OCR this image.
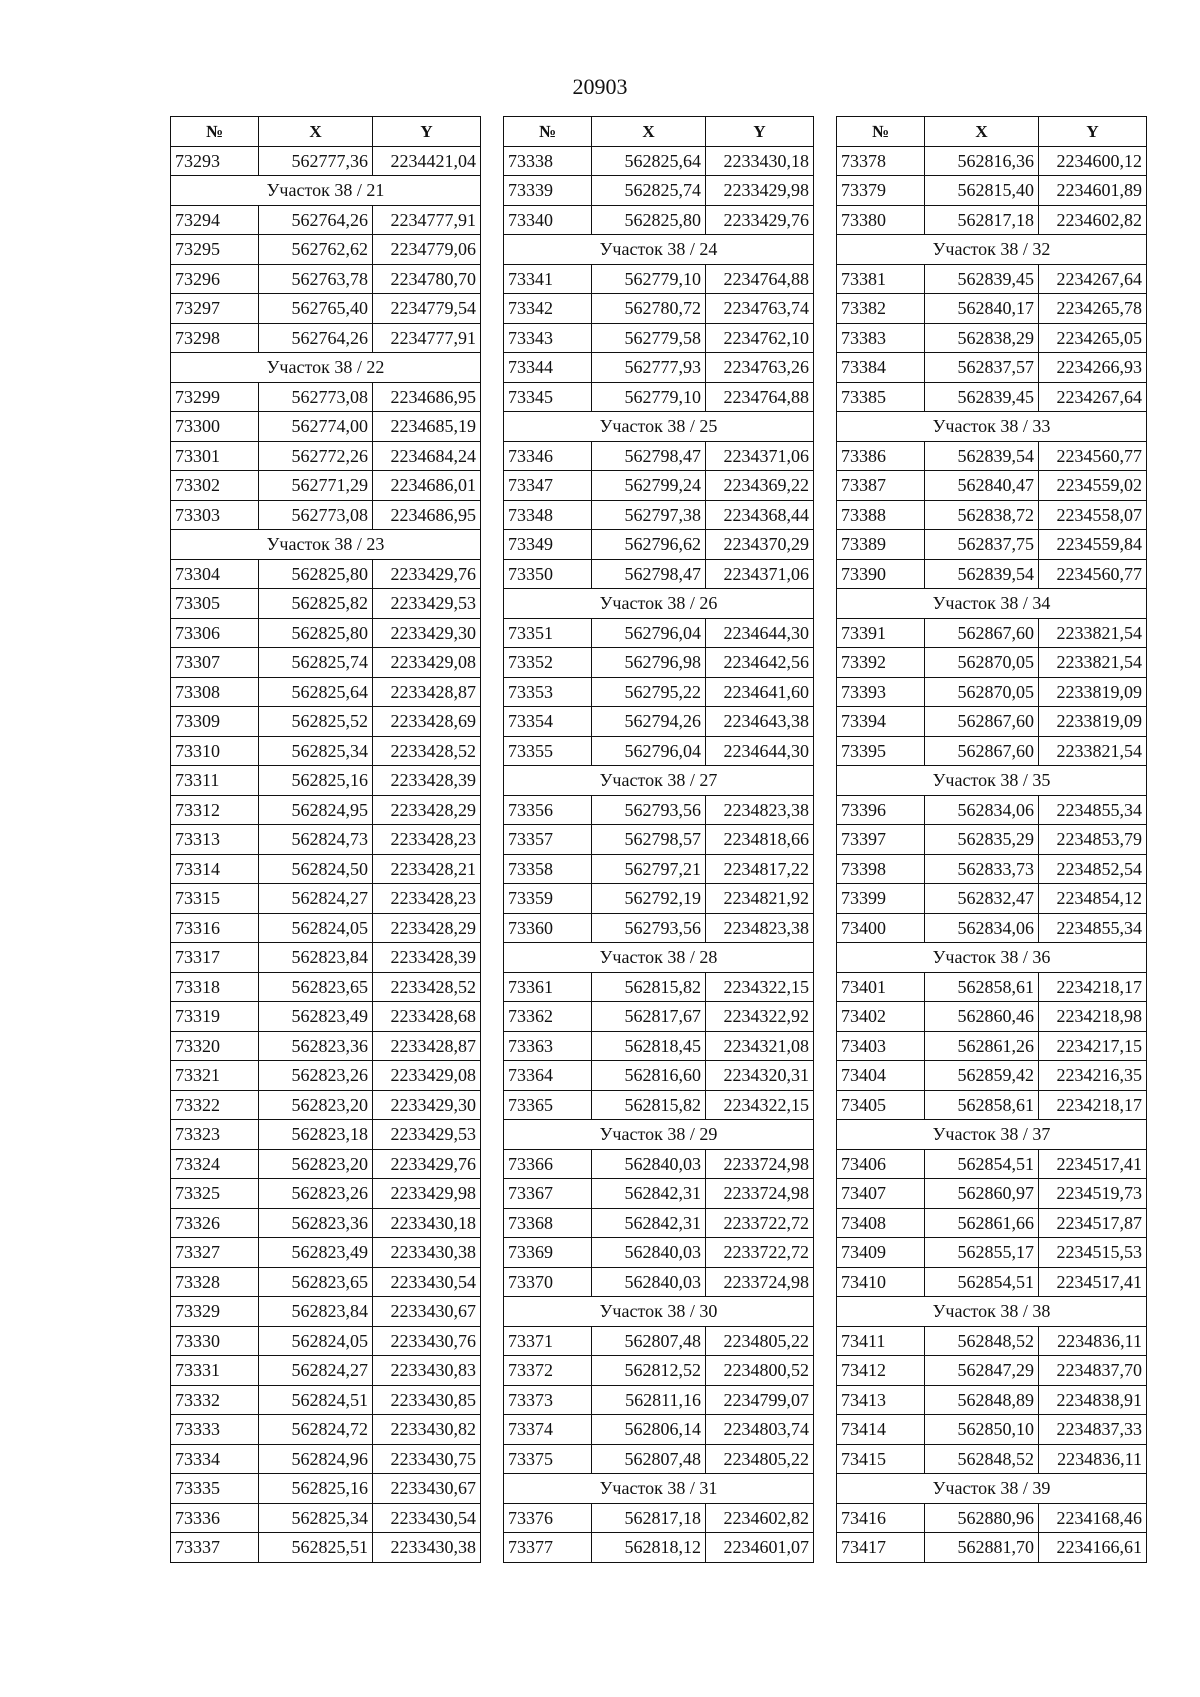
20903
№	X	Y
73293	562777,36	2234421,04
Участок 38 / 21		
73294	562764,26	2234777,91
73295	562762,62	2234779,06
73296	562763,78	2234780,70
73297	562765,40	2234779,54
73298	562764,26	2234777,91
Участок 38 / 22		
73299	562773,08	2234686,95
73300	562774,00	2234685,19
73301	562772,26	2234684,24
73302	562771,29	2234686,01
73303	562773,08	2234686,95
Участок 38 / 23		
73304	562825,80	2233429,76
73305	562825,82	2233429,53
73306	562825,80	2233429,30
73307	562825,74	2233429,08
73308	562825,64	2233428,87
73309	562825,52	2233428,69
73310	562825,34	2233428,52
73311	562825,16	2233428,39
73312	562824,95	2233428,29
73313	562824,73	2233428,23
73314	562824,50	2233428,21
73315	562824,27	2233428,23
73316	562824,05	2233428,29
73317	562823,84	2233428,39
73318	562823,65	2233428,52
73319	562823,49	2233428,68
73320	562823,36	2233428,87
73321	562823,26	2233429,08
73322	562823,20	2233429,30
73323	562823,18	2233429,53
73324	562823,20	2233429,76
73325	562823,26	2233429,98
73326	562823,36	2233430,18
73327	562823,49	2233430,38
73328	562823,65	2233430,54
73329	562823,84	2233430,67
73330	562824,05	2233430,76
73331	562824,27	2233430,83
73332	562824,51	2233430,85
73333	562824,72	2233430,82
73334	562824,96	2233430,75
73335	562825,16	2233430,67
73336	562825,34	2233430,54
73337	562825,51	2233430,38
№	X	Y
73338	562825,64	2233430,18
73339	562825,74	2233429,98
73340	562825,80	2233429,76
Участок 38 / 24		
73341	562779,10	2234764,88
73342	562780,72	2234763,74
73343	562779,58	2234762,10
73344	562777,93	2234763,26
73345	562779,10	2234764,88
Участок 38 / 25		
73346	562798,47	2234371,06
73347	562799,24	2234369,22
73348	562797,38	2234368,44
73349	562796,62	2234370,29
73350	562798,47	2234371,06
Участок 38 / 26		
73351	562796,04	2234644,30
73352	562796,98	2234642,56
73353	562795,22	2234641,60
73354	562794,26	2234643,38
73355	562796,04	2234644,30
Участок 38 / 27		
73356	562793,56	2234823,38
73357	562798,57	2234818,66
73358	562797,21	2234817,22
73359	562792,19	2234821,92
73360	562793,56	2234823,38
Участок 38 / 28		
73361	562815,82	2234322,15
73362	562817,67	2234322,92
73363	562818,45	2234321,08
73364	562816,60	2234320,31
73365	562815,82	2234322,15
Участок 38 / 29		
73366	562840,03	2233724,98
73367	562842,31	2233724,98
73368	562842,31	2233722,72
73369	562840,03	2233722,72
73370	562840,03	2233724,98
Участок 38 / 30		
73371	562807,48	2234805,22
73372	562812,52	2234800,52
73373	562811,16	2234799,07
73374	562806,14	2234803,74
73375	562807,48	2234805,22
Участок 38 / 31		
73376	562817,18	2234602,82
73377	562818,12	2234601,07
№	X	Y
73378	562816,36	2234600,12
73379	562815,40	2234601,89
73380	562817,18	2234602,82
Участок 38 / 32		
73381	562839,45	2234267,64
73382	562840,17	2234265,78
73383	562838,29	2234265,05
73384	562837,57	2234266,93
73385	562839,45	2234267,64
Участок 38 / 33		
73386	562839,54	2234560,77
73387	562840,47	2234559,02
73388	562838,72	2234558,07
73389	562837,75	2234559,84
73390	562839,54	2234560,77
Участок 38 / 34		
73391	562867,60	2233821,54
73392	562870,05	2233821,54
73393	562870,05	2233819,09
73394	562867,60	2233819,09
73395	562867,60	2233821,54
Участок 38 / 35		
73396	562834,06	2234855,34
73397	562835,29	2234853,79
73398	562833,73	2234852,54
73399	562832,47	2234854,12
73400	562834,06	2234855,34
Участок 38 / 36		
73401	562858,61	2234218,17
73402	562860,46	2234218,98
73403	562861,26	2234217,15
73404	562859,42	2234216,35
73405	562858,61	2234218,17
Участок 38 / 37		
73406	562854,51	2234517,41
73407	562860,97	2234519,73
73408	562861,66	2234517,87
73409	562855,17	2234515,53
73410	562854,51	2234517,41
Участок 38 / 38		
73411	562848,52	2234836,11
73412	562847,29	2234837,70
73413	562848,89	2234838,91
73414	562850,10	2234837,33
73415	562848,52	2234836,11
Участок 38 / 39		
73416	562880,96	2234168,46
73417	562881,70	2234166,61
